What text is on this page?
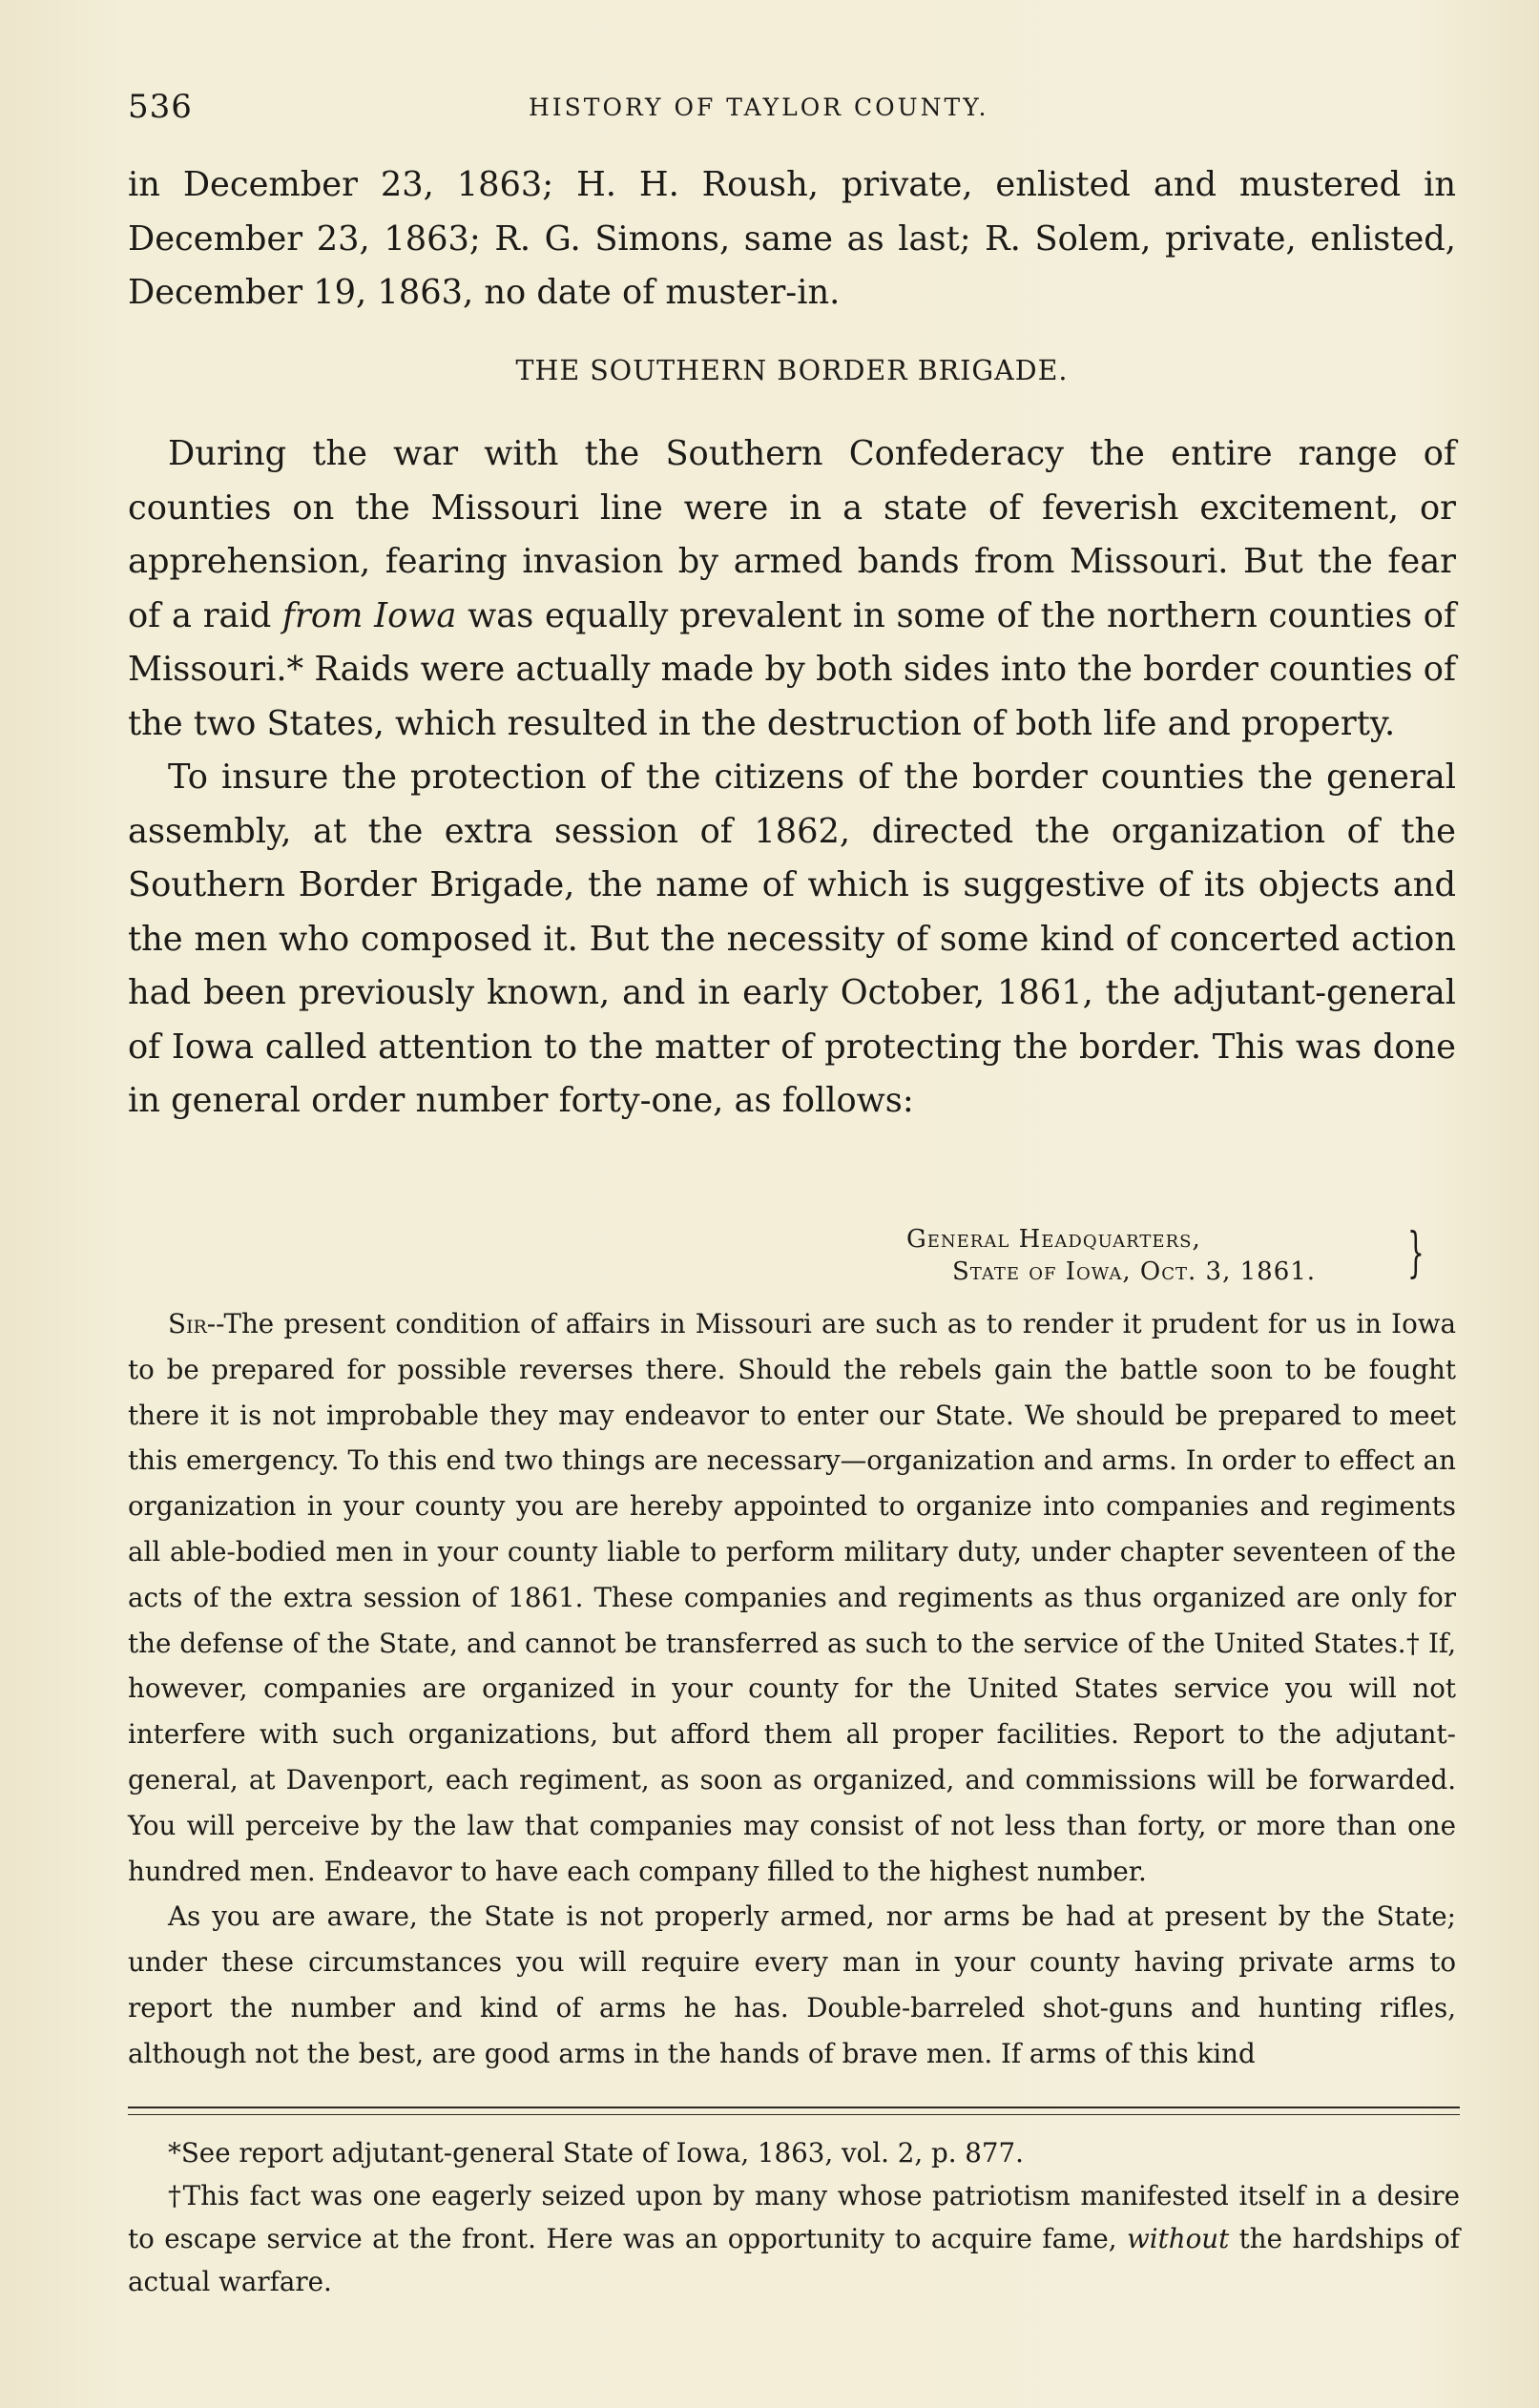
536	HISTORY OF TAYLOR COUNTY.

in December 23, 1863; H. H. Roush, private, enlisted and mustered in December 23, 1863; R. G. Simons, same as last; R. Solem, private, enlisted, December 19, 1863, no date of muster-in.

THE SOUTHERN BORDER BRIGADE.

During the war with the Southern Confederacy the entire range of counties on the Missouri line were in a state of feverish excitement, or apprehension, fearing invasion by armed bands from Missouri. But the fear of a raid from Iowa was equally prevalent in some of the northern counties of Missouri.* Raids were actually made by both sides into the border counties of the two States, which resulted in the destruction of both life and property.

To insure the protection of the citizens of the border counties the general assembly, at the extra session of 1862, directed the organization of the Southern Border Brigade, the name of which is suggestive of its objects and the men who composed it. But the necessity of some kind of concerted action had been previously known, and in early October, 1861, the adjutant-general of Iowa called attention to the matter of protecting the border. This was done in general order number forty-one, as follows:

General Headquarters,
State of Iowa, Oct. 3, 1861. }

Sir--The present condition of affairs in Missouri are such as to render it prudent for us in Iowa to be prepared for possible reverses there. Should the rebels gain the battle soon to be fought there it is not improbable they may endeavor to enter our State. We should be prepared to meet this emergency. To this end two things are necessary—organization and arms. In order to effect an organization in your county you are hereby appointed to organize into companies and regiments all able-bodied men in your county liable to perform military duty, under chapter seventeen of the acts of the extra session of 1861. These companies and regiments as thus organized are only for the defense of the State, and cannot be transferred as such to the service of the United States.† If, however, companies are organized in your county for the United States service you will not interfere with such organizations, but afford them all proper facilities. Report to the adjutant-general, at Davenport, each regiment, as soon as organized, and commissions will be forwarded. You will perceive by the law that companies may consist of not less than forty, or more than one hundred men. Endeavor to have each company filled to the highest number.

As you are aware, the State is not properly armed, nor arms be had at present by the State; under these circumstances you will require every man in your county having private arms to report the number and kind of arms he has. Double-barreled shot-guns and hunting rifles, although not the best, are good arms in the hands of brave men. If arms of this kind

*See report adjutant-general State of Iowa, 1863, vol. 2, p. 877.

†This fact was one eagerly seized upon by many whose patriotism manifested itself in a desire to escape service at the front. Here was an opportunity to acquire fame, without the hardships of actual warfare.
